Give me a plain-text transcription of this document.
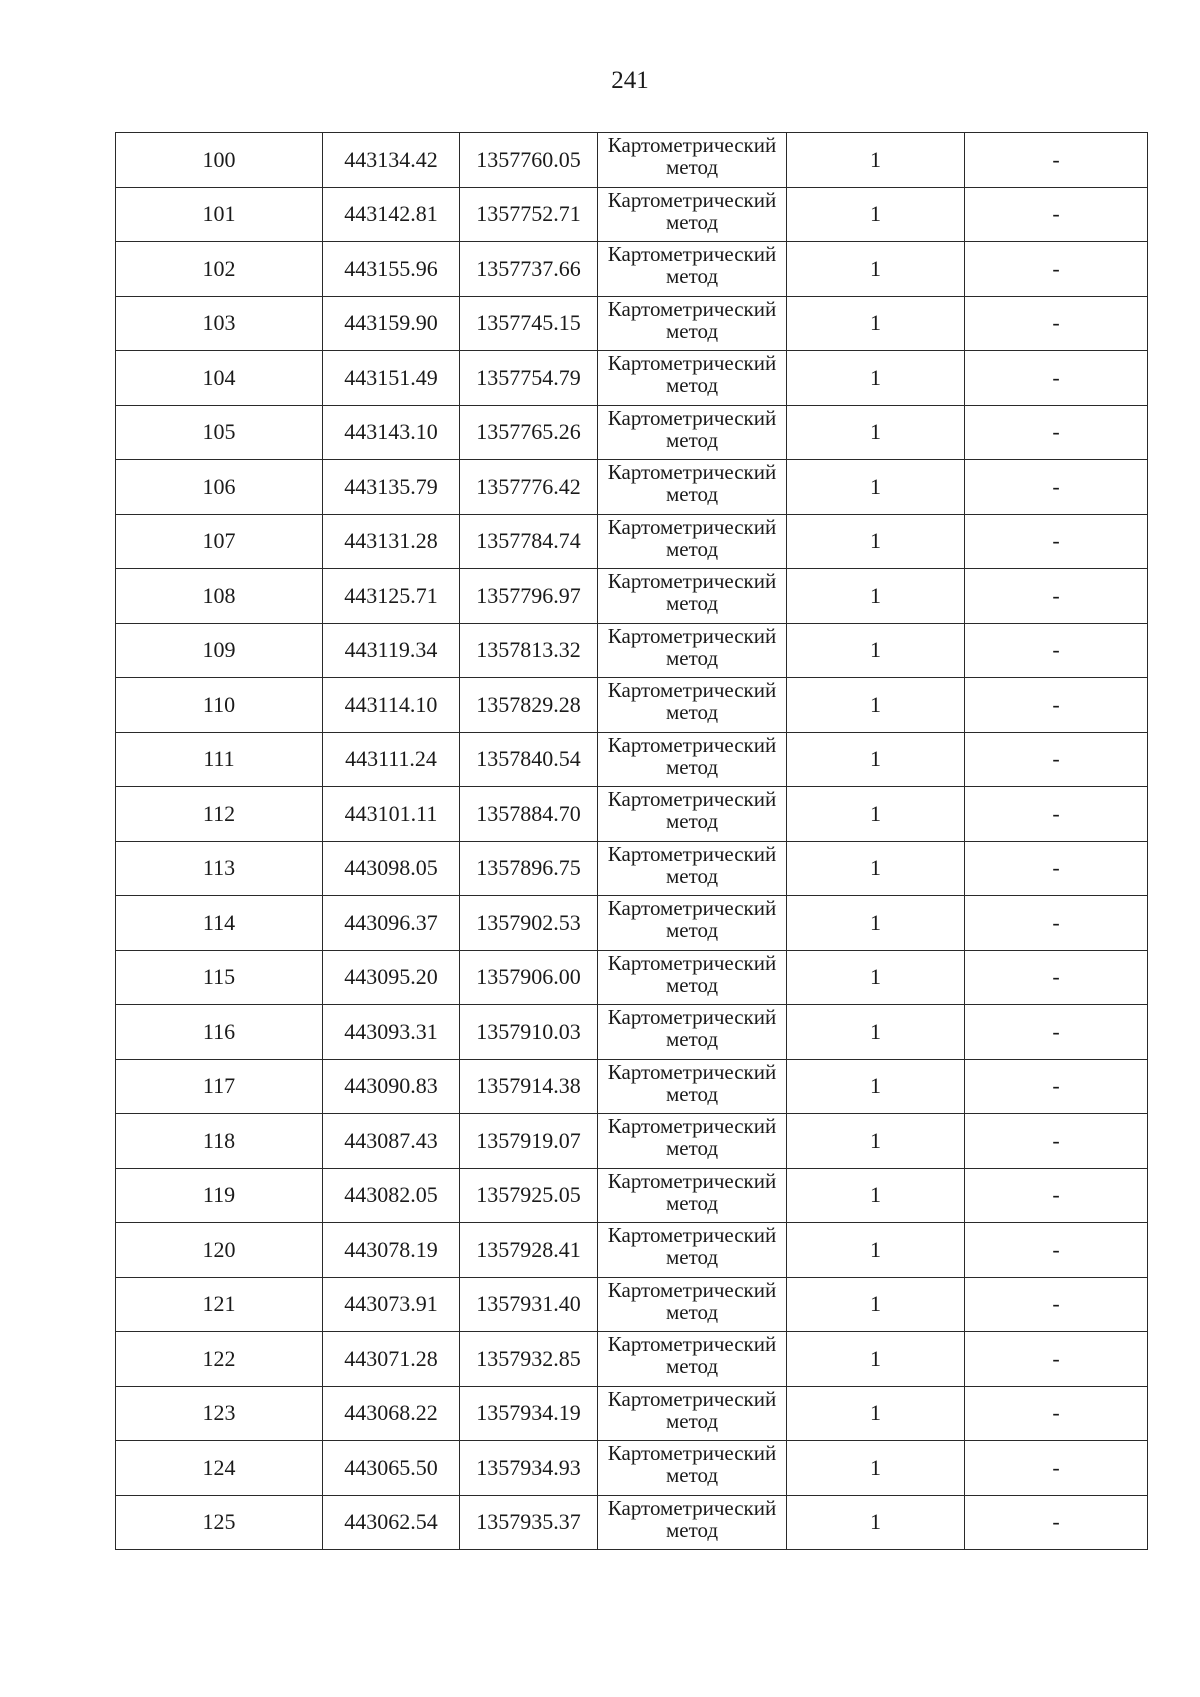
241
100	443134.42	1357760.05	Картометрический метод	1	-
101	443142.81	1357752.71	Картометрический метод	1	-
102	443155.96	1357737.66	Картометрический метод	1	-
103	443159.90	1357745.15	Картометрический метод	1	-
104	443151.49	1357754.79	Картометрический метод	1	-
105	443143.10	1357765.26	Картометрический метод	1	-
106	443135.79	1357776.42	Картометрический метод	1	-
107	443131.28	1357784.74	Картометрический метод	1	-
108	443125.71	1357796.97	Картометрический метод	1	-
109	443119.34	1357813.32	Картометрический метод	1	-
110	443114.10	1357829.28	Картометрический метод	1	-
111	443111.24	1357840.54	Картометрический метод	1	-
112	443101.11	1357884.70	Картометрический метод	1	-
113	443098.05	1357896.75	Картометрический метод	1	-
114	443096.37	1357902.53	Картометрический метод	1	-
115	443095.20	1357906.00	Картометрический метод	1	-
116	443093.31	1357910.03	Картометрический метод	1	-
117	443090.83	1357914.38	Картометрический метод	1	-
118	443087.43	1357919.07	Картометрический метод	1	-
119	443082.05	1357925.05	Картометрический метод	1	-
120	443078.19	1357928.41	Картометрический метод	1	-
121	443073.91	1357931.40	Картометрический метод	1	-
122	443071.28	1357932.85	Картометрический метод	1	-
123	443068.22	1357934.19	Картометрический метод	1	-
124	443065.50	1357934.93	Картометрический метод	1	-
125	443062.54	1357935.37	Картометрический метод	1	-
